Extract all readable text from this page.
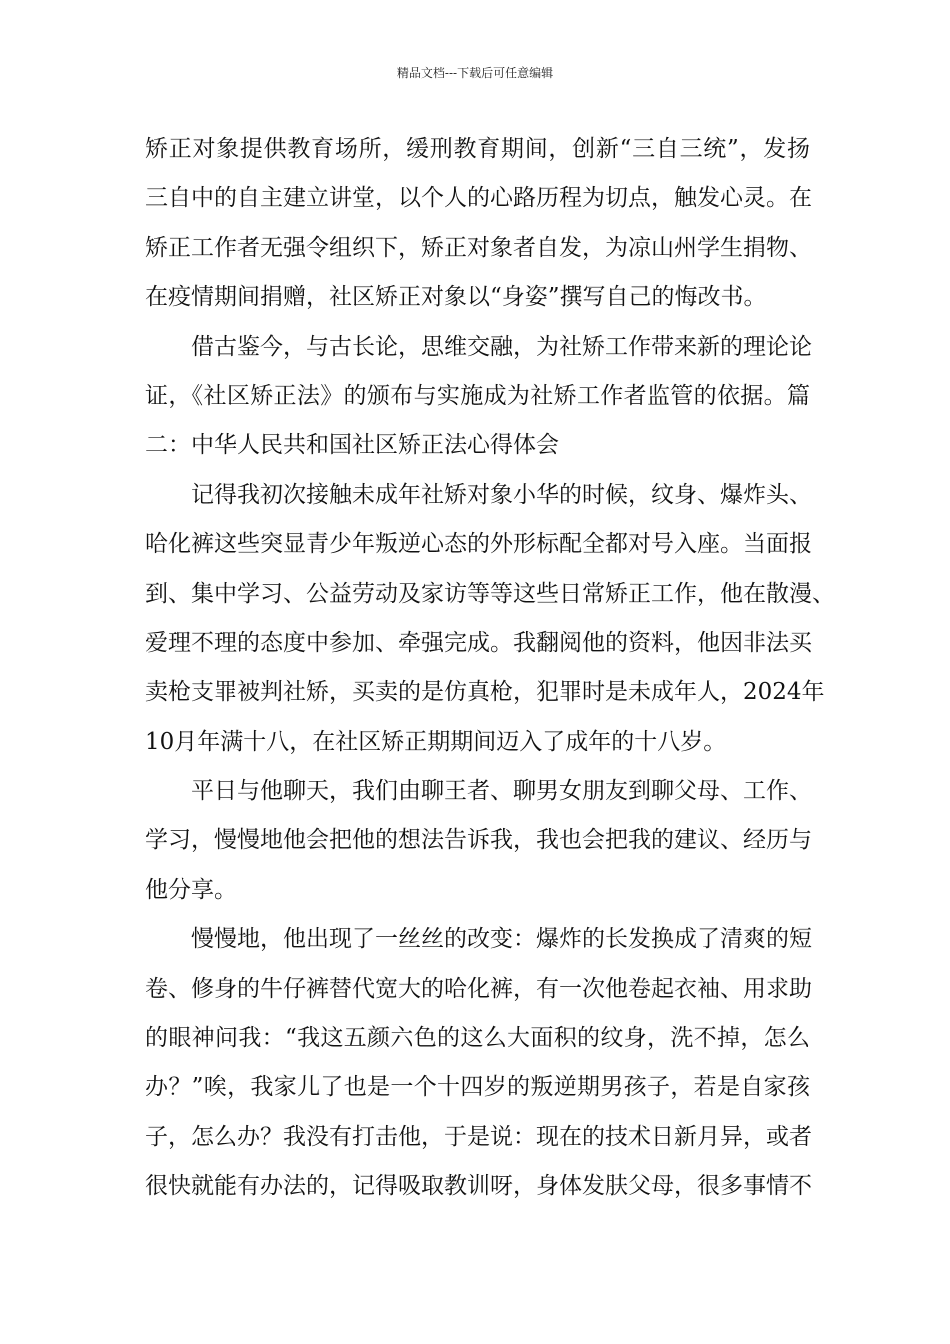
精品文档---下载后可任意编辑
矫正对象提供教育场所，缓刑教育期间，创新“三自三统”，发扬
三自中的自主建立讲堂，以个人的心路历程为切点，触发心灵。在
矫正工作者无强令组织下，矫正对象者自发，为凉山州学生捐物、
在疫情期间捐赠，社区矫正对象以“身姿”撰写自己的悔改书。
借古鉴今，与古长论，思维交融，为社矫工作带来新的理论论
证，《社区矫正法》的颁布与实施成为社矫工作者监管的依据。篇
二：中华人民共和国社区矫正法心得体会
记得我初次接触未成年社矫对象小华的时候，纹身、爆炸头、
哈化裤这些突显青少年叛逆心态的外形标配全都对号入座。当面报
到、集中学习、公益劳动及家访等等这些日常矫正工作，他在散漫、
爱理不理的态度中参加、牵强完成。我翻阅他的资料，他因非法买
卖枪支罪被判社矫，买卖的是仿真枪，犯罪时是未成年人，2024年
10月年满十八，在社区矫正期期间迈入了成年的十八岁。
平日与他聊天，我们由聊王者、聊男女朋友到聊父母、工作、
学习，慢慢地他会把他的想法告诉我，我也会把我的建议、经历与
他分享。
慢慢地，他出现了一丝丝的改变：爆炸的长发换成了清爽的短
卷、修身的牛仔裤替代宽大的哈化裤，有一次他卷起衣袖、用求助
的眼神问我：“我这五颜六色的这么大面积的纹身，洗不掉，怎么
办？”唉，我家儿了也是一个十四岁的叛逆期男孩子，若是自家孩
子，怎么办？我没有打击他，于是说：现在的技术日新月异，或者
很快就能有办法的，记得吸取教训呀，身体发肤父母，很多事情不
